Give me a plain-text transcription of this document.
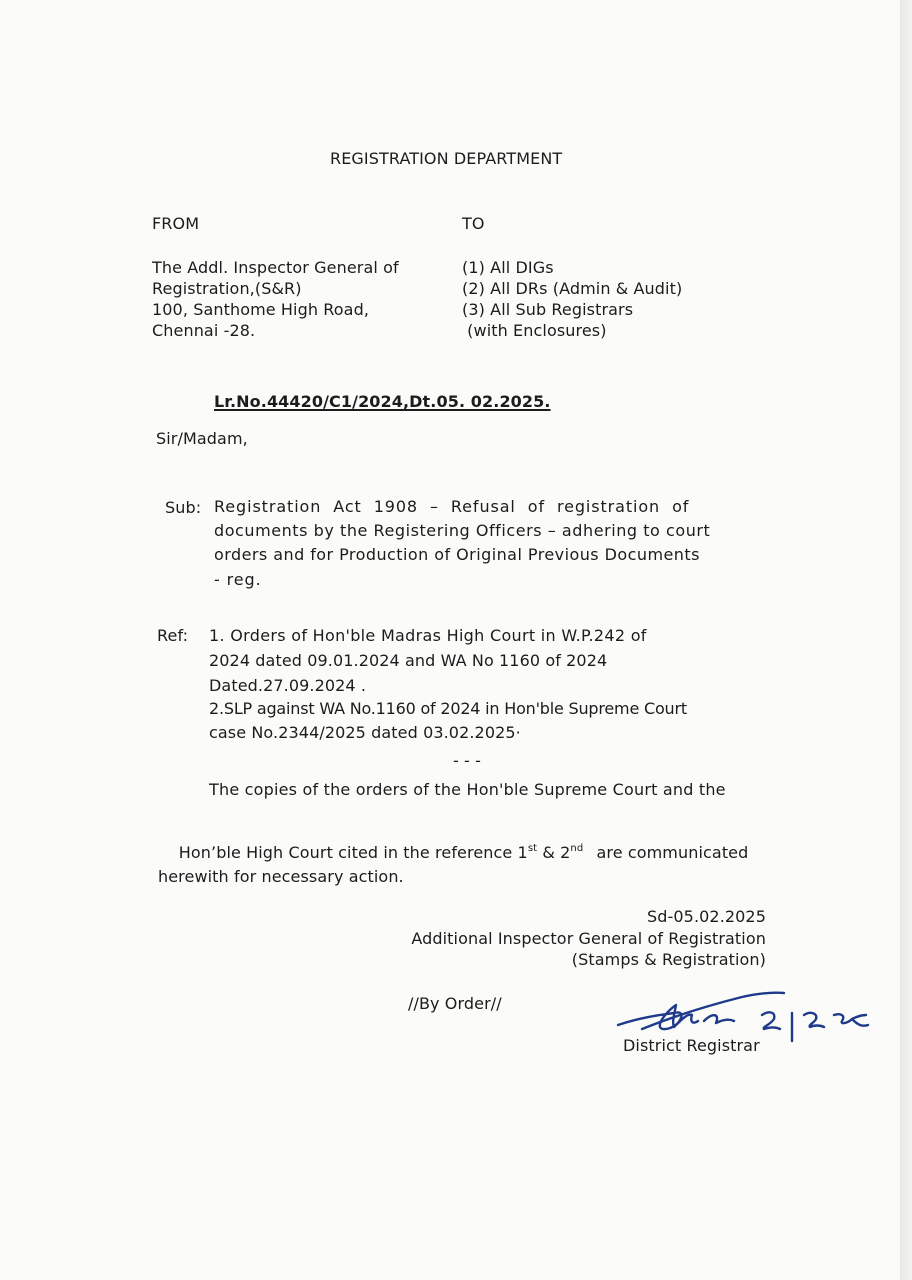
REGISTRATION DEPARTMENT
FROM	TO
The Addl. Inspector General of
Registration,(S&R)
100, Santhome High Road,
Chennai -28.
(1) All DIGs
(2) All DRs (Admin & Audit)
(3) All Sub Registrars
(with Enclosures)
Lr.No.44420/C1/2024,Dt.05. 02.2025.
Sir/Madam,
Sub: Registration Act 1908 – Refusal of registration of
documents by the Registering Officers – adhering to court
orders and for Production of Original Previous Documents
- reg.
Ref: 1. Orders of Hon'ble Madras High Court in W.P.242 of
2024 dated 09.01.2024 and WA No 1160 of 2024
Dated.27.09.2024 .
2.SLP against WA No.1160 of 2024 in Hon'ble Supreme Court
case No.2344/2025 dated 03.02.2025·
- - -
The copies of the orders of the Hon'ble Supreme Court and the

Hon’ble High Court cited in the reference 1st & 2nd are communicated

herewith for necessary action.
Sd-05.02.2025
Additional Inspector General of Registration
(Stamps & Registration)
//By Order//
District Registrar
